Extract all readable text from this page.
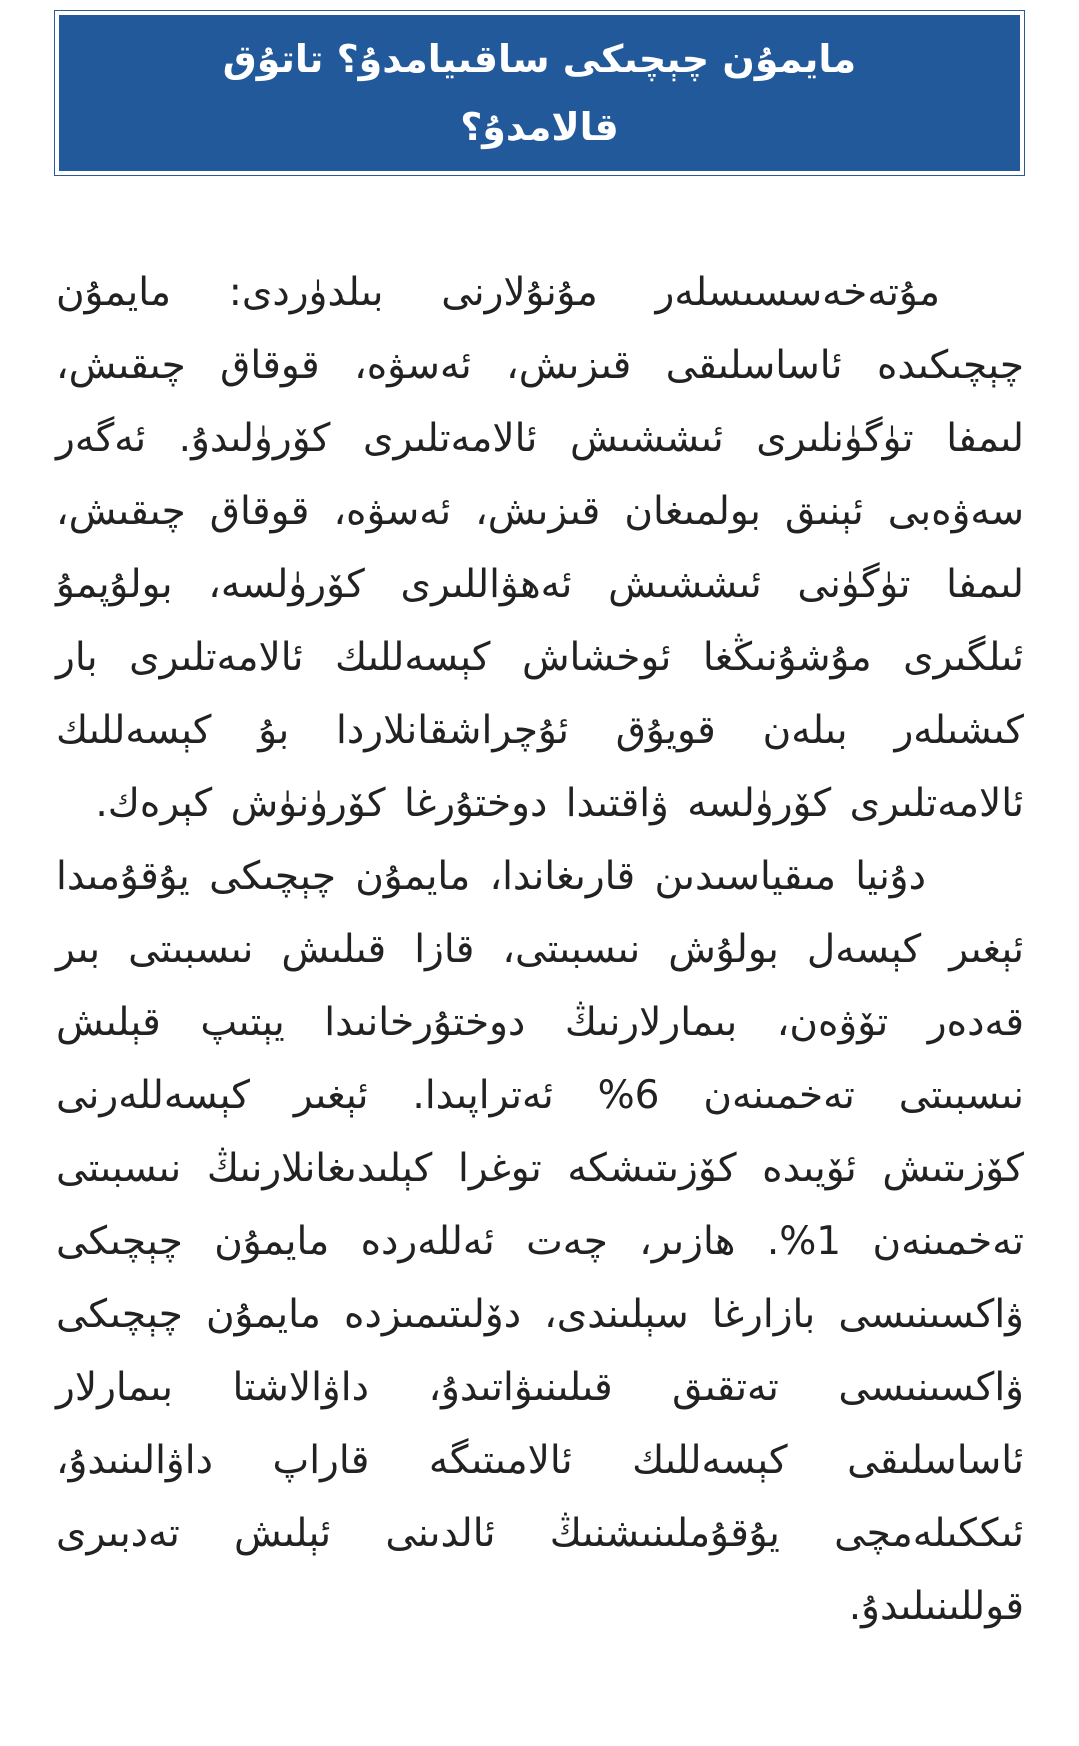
مايمۇن چېچىكى ساقىيامدۇ؟ تاتۇق قالامدۇ؟

مۇتەخەسسىسلەر مۇنۇلارنى بىلدۈردى: مايمۇن چېچىكىدە ئاساسلىقى قىزىش، ئەسۋە، قوقاق چىقىش، لىمفا تۈگۈنلىرى ئىششىش ئالامەتلىرى كۆرۈلىدۇ. ئەگەر سەۋەبى ئېنىق بولمىغان قىزىش، ئەسۋە، قوقاق چىقىش، لىمفا تۈگۈنى ئىششىش ئەھۋاللىرى كۆرۈلسە، بولۇپمۇ ئىلگىرى مۇشۇنىڭغا ئوخشاش كېسەللىك ئالامەتلىرى بار كىشىلەر بىلەن قويۇق ئۇچراشقانلاردا بۇ كېسەللىك ئالامەتلىرى كۆرۈلسە ۋاقتىدا دوختۇرغا كۆرۈنۈش كېرەك.

دۇنيا مىقياسىدىن قارىغاندا، مايمۇن چېچىكى يۇقۇمىدا ئېغىر كېسەل بولۇش نىسبىتى، قازا قىلىش نىسبىتى بىر قەدەر تۆۋەن، بىمارلارنىڭ دوختۇرخانىدا يېتىپ قېلىش نىسبىتى تەخمىنەن 6% ئەتراپىدا. ئېغىر كېسەللەرنى كۆزىتىش ئۆيىدە كۆزىتىشكە توغرا كېلىدىغانلارنىڭ نىسبىتى تەخمىنەن 1%. ھازىر، چەت ئەللەردە مايمۇن چېچىكى ۋاكسىنىسى بازارغا سېلىندى، دۆلىتىمىزدە مايمۇن چېچىكى ۋاكسىنىسى تەتقىق قىلىنىۋاتىدۇ، داۋالاشتا بىمارلار ئاساسلىقى كېسەللىك ئالامىتىگە قاراپ داۋالىنىدۇ، ئىككىلەمچى يۇقۇملىنىشنىڭ ئالدىنى ئېلىش تەدبىرى قوللىنىلىدۇ.
